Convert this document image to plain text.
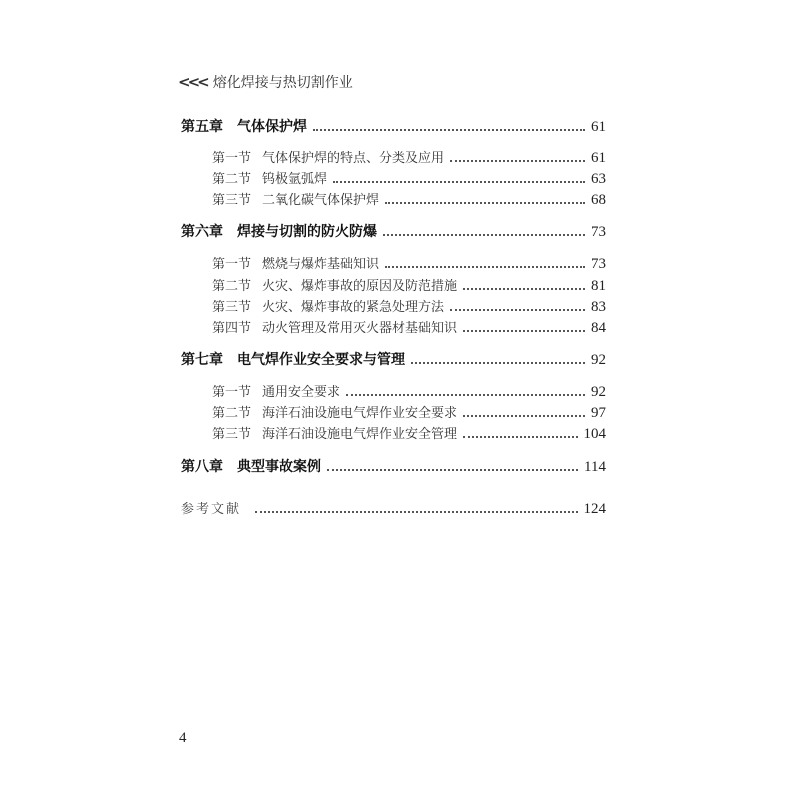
<<< 熔化焊接与热切割作业
第五章	气体保护焊	61
第一节 气体保护焊的特点、分类及应用	61
第二节 钨极氩弧焊	63
第三节 二氧化碳气体保护焊	68
第六章	焊接与切割的防火防爆	73
第一节 燃烧与爆炸基础知识	73
第二节 火灾、爆炸事故的原因及防范措施	81
第三节 火灾、爆炸事故的紧急处理方法	83
第四节 动火管理及常用灭火器材基础知识	84
第七章	电气焊作业安全要求与管理	92
第一节 通用安全要求	92
第二节 海洋石油设施电气焊作业安全要求	97
第三节 海洋石油设施电气焊作业安全管理	104
第八章	典型事故案例	114
参考文献	124
4
